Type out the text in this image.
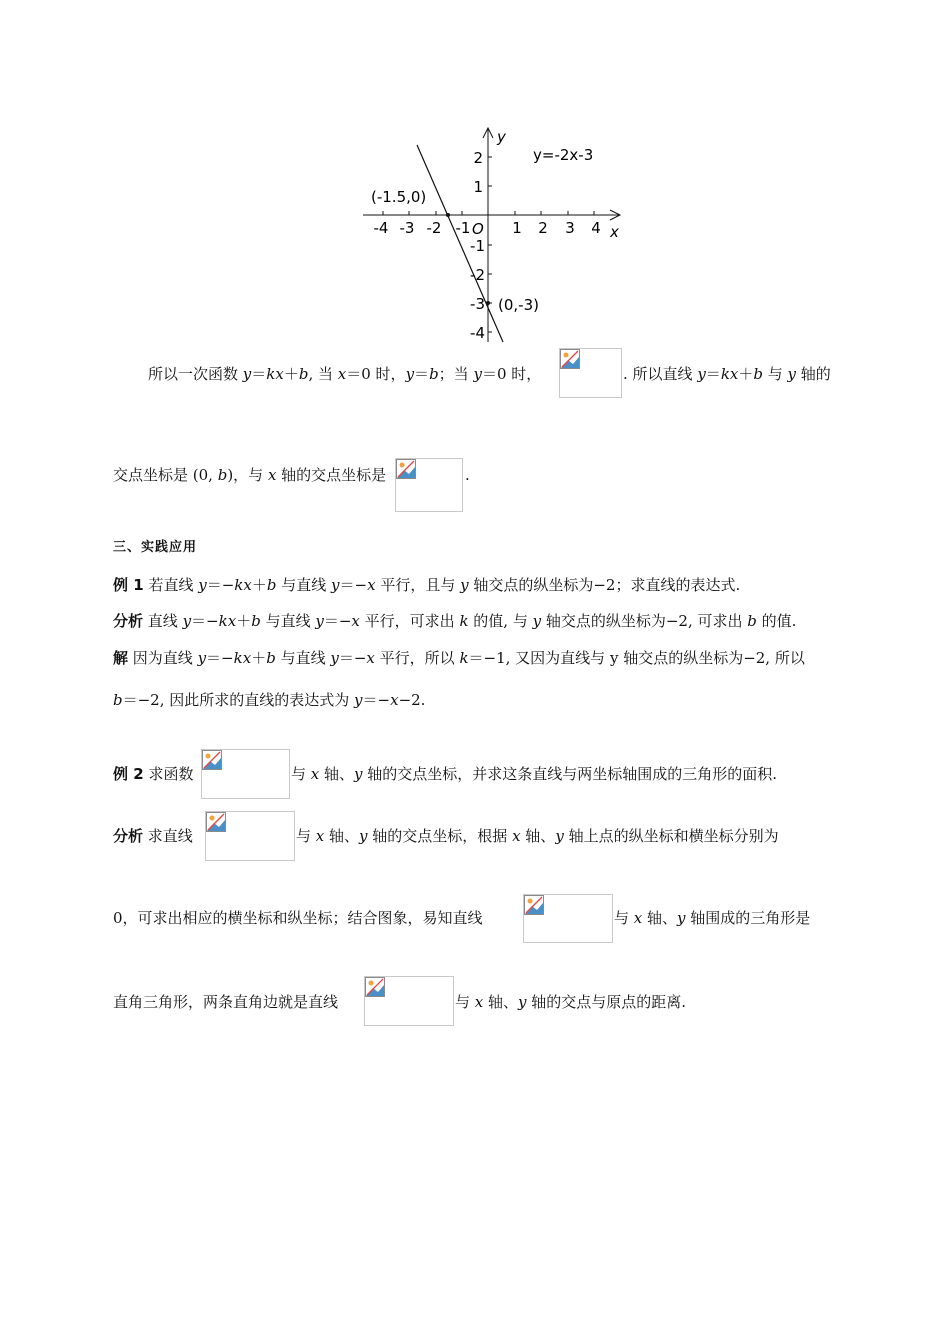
y
x
y=-2x-3
(-1.5,0)
(0,-3)
O
-4 -3 -2 -1	1 2 3 4
2
1
-1
-2
-3
-4
所以一次函数 y＝kx＋b, 当 x＝0 时，y＝b；当 y＝0 时，	. 所以直线 y＝kx＋b 与 y 轴的
交点坐标是 (0, b)，与 x 轴的交点坐标是	.
三、实践应用
例 1 若直线 y＝−kx＋b 与直线 y＝−x 平行，且与 y 轴交点的纵坐标为−2；求直线的表达式.
分析 直线 y＝−kx＋b 与直线 y＝−x 平行，可求出 k 的值, 与 y 轴交点的纵坐标为−2, 可求出 b 的值.
解 因为直线 y＝−kx＋b 与直线 y＝−x 平行，所以 k＝−1, 又因为直线与 y 轴交点的纵坐标为−2, 所以
b＝−2, 因此所求的直线的表达式为 y＝−x−2.
例 2 求函数	与 x 轴、y 轴的交点坐标，并求这条直线与两坐标轴围成的三角形的面积.
分析 求直线	与 x 轴、y 轴的交点坐标，根据 x 轴、y 轴上点的纵坐标和横坐标分别为
0，可求出相应的横坐标和纵坐标；结合图象，易知直线	与 x 轴、y 轴围成的三角形是
直角三角形，两条直角边就是直线	与 x 轴、y 轴的交点与原点的距离.
